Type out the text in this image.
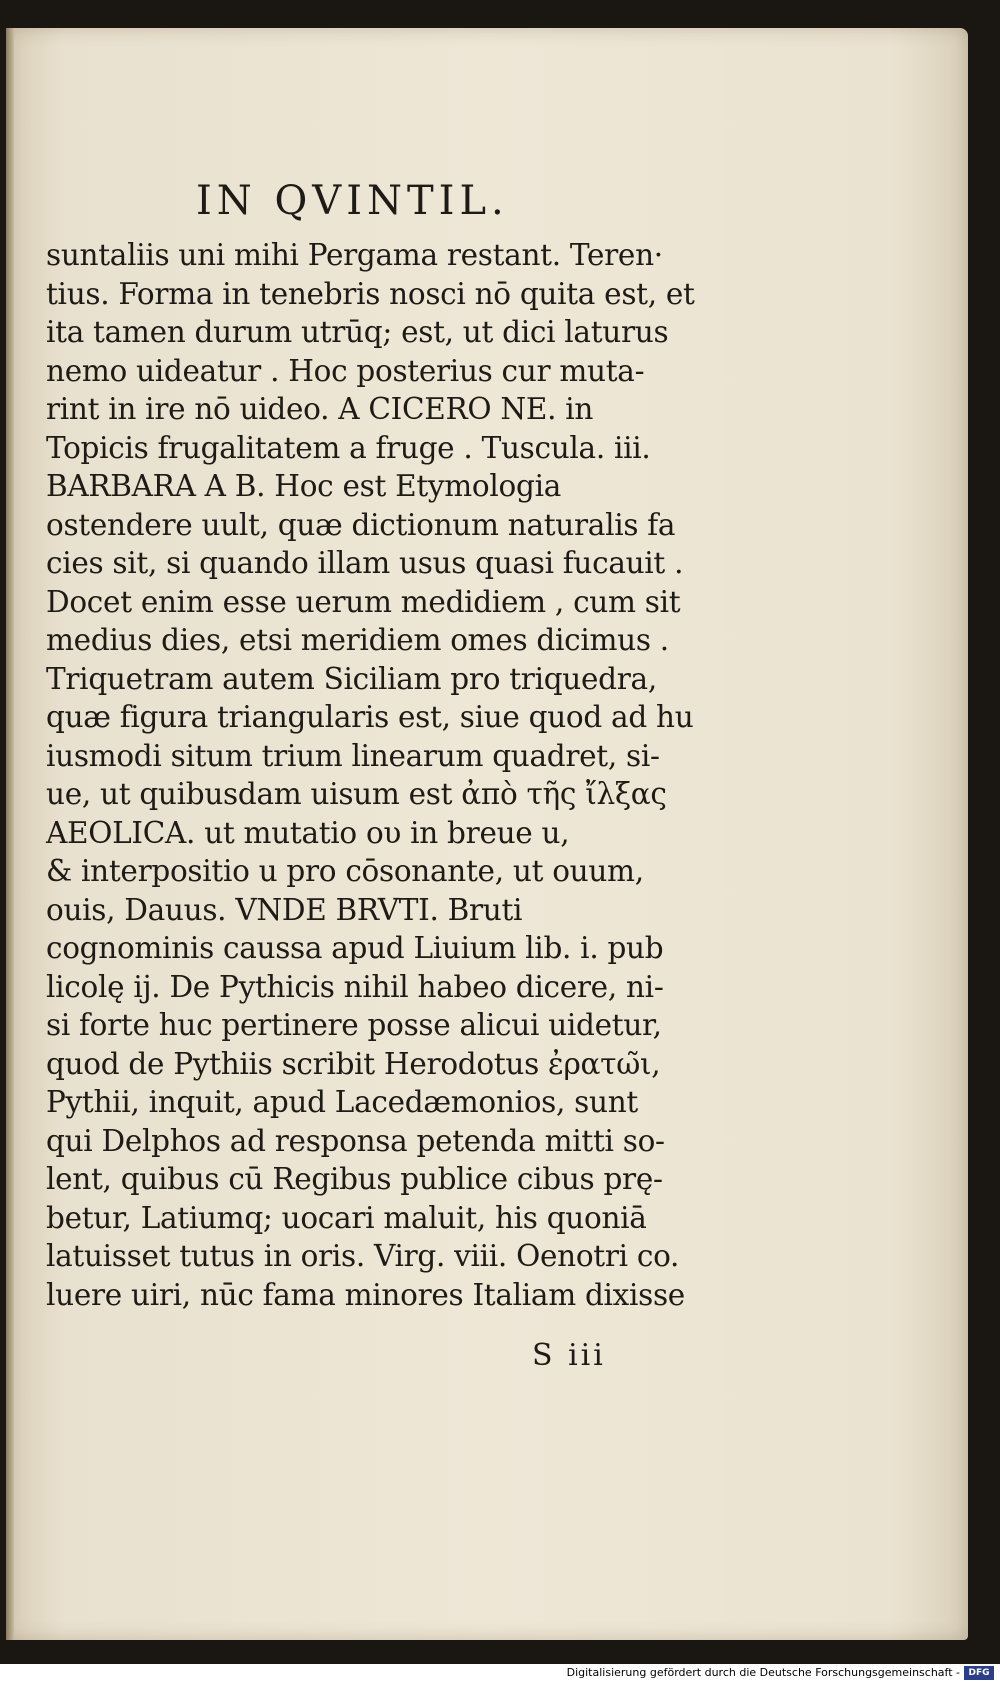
IN QVINTIL.
suntaliis uni mihi Pergama restant. Teren·
tius. Forma in tenebris nosci nō quita est, et
ita tamen durum utrūq; est, ut dici laturus
nemo uideatur . Hoc posterius cur muta-
rint in ire nō uideo. A CICERO NE. in
Topicis frugalitatem a fruge . Tuscula. iii.
BARBARA A B. Hoc est Etymologia
ostendere uult, quæ dictionum naturalis fa
cies sit, si quando illam usus quasi fucauit .
Docet enim esse uerum medidiem , cum sit
medius dies, etsi meridiem omes dicimus .
Triquetram autem Siciliam pro triquedra,
quæ figura triangularis est, siue quod ad hu
iusmodi situm trium linearum quadret, si-
ue, ut quibusdam uisum est ἀπὸ τῆς ἴλξας
AEOLICA. ut mutatio ου in breue u,
& interpositio u pro cōsonante, ut ouum,
ouis, Dauus. VNDE BRVTI. Bruti
cognominis caussa apud Liuium lib. i. pub
licolę ij. De Pythicis nihil habeo dicere, ni-
si forte huc pertinere posse alicui uidetur,
quod de Pythiis scribit Herodotus ἐρατω̃ι,
Pythii, inquit, apud Lacedæmonios, sunt
qui Delphos ad responsa petenda mitti so-
lent, quibus cū Regibus publice cibus prę-
betur, Latiumq; uocari maluit, his quoniā
latuisset tutus in oris. Virg. viii. Oenotri co.
luere uiri, nūc fama minores Italiam dixisse
S iii
Digitalisierung gefördert durch die Deutsche Forschungsgemeinschaft - DFG
